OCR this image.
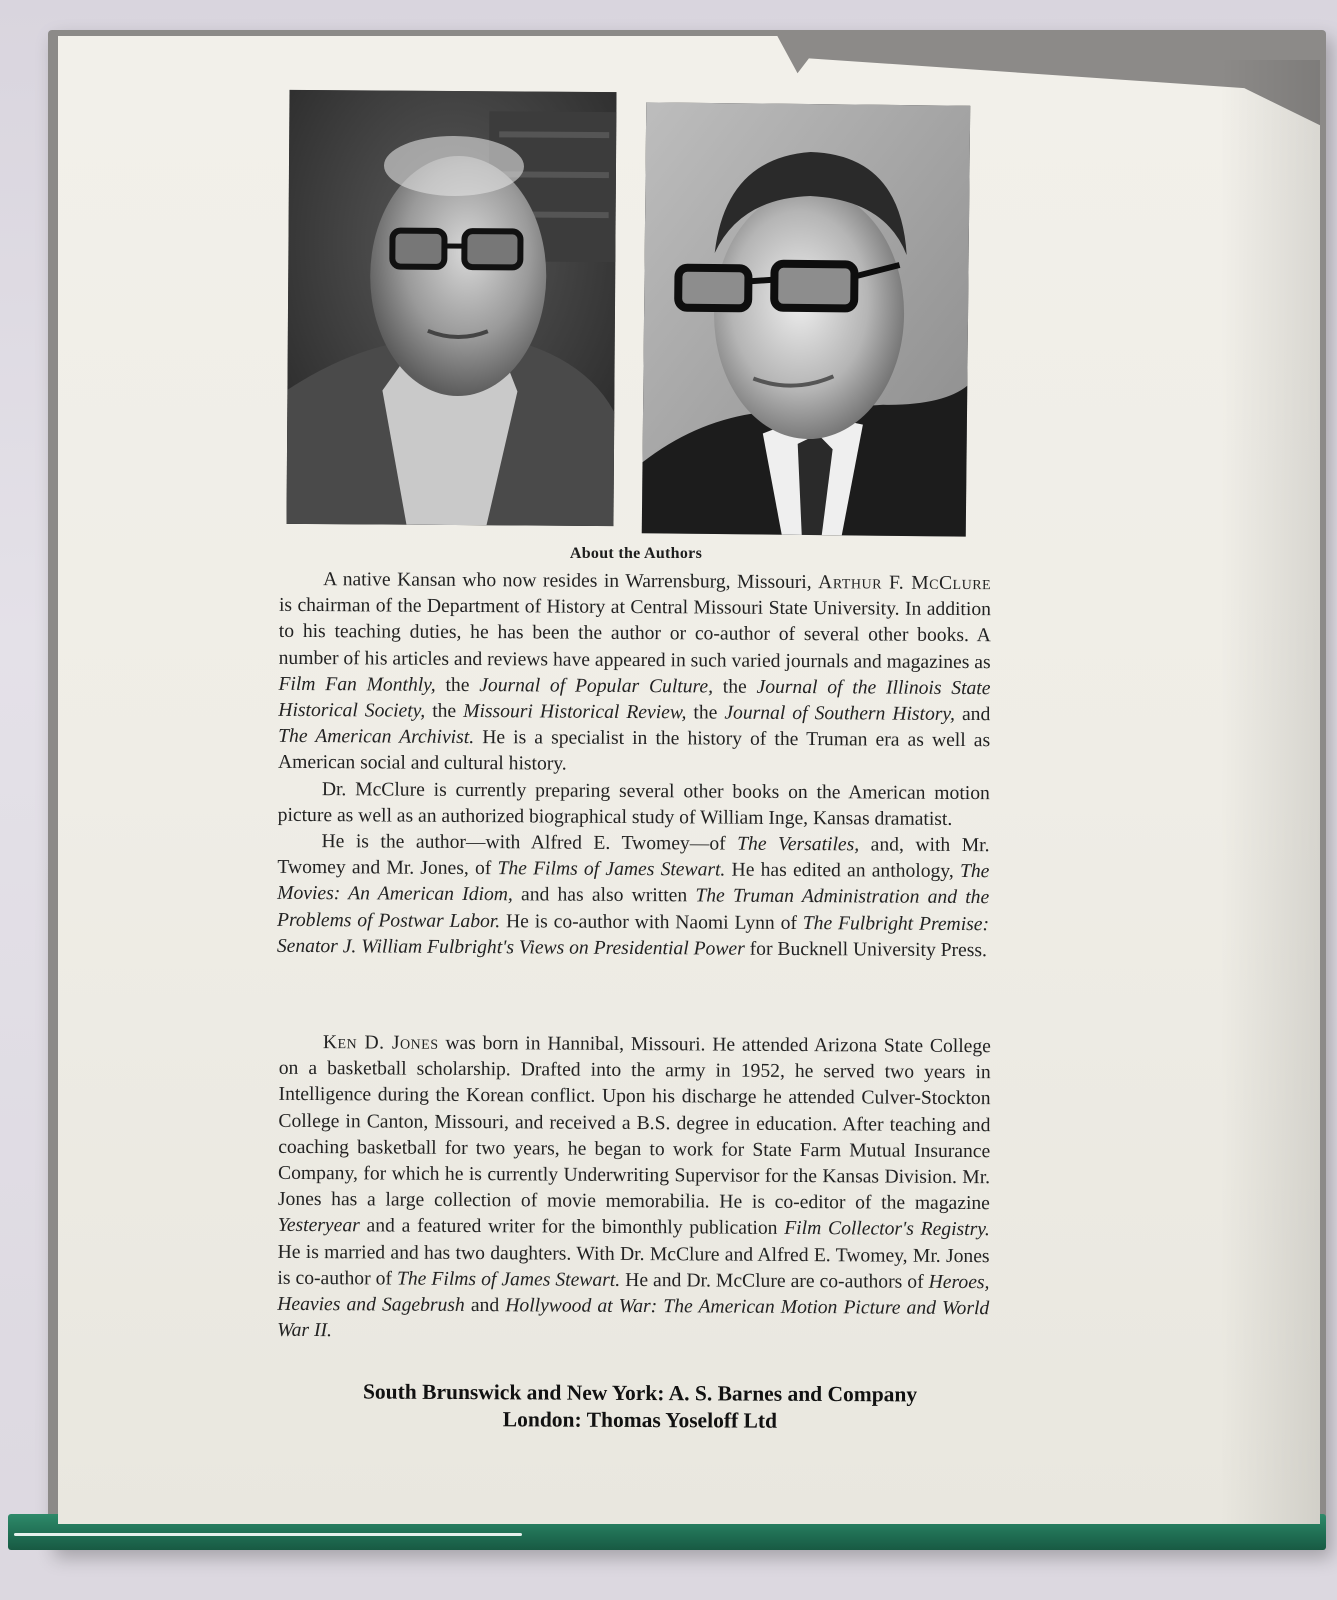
About the Authors

A native Kansan who now resides in Warrensburg, Missouri, Arthur F. McClure is chairman of the Department of History at Central Missouri State University. In addition to his teaching duties, he has been the author or co-author of several other books. A number of his articles and reviews have appeared in such varied journals and magazines as Film Fan Monthly, the Journal of Popular Culture, the Journal of the Illinois State Historical Society, the Missouri Historical Review, the Journal of Southern History, and The American Archivist. He is a specialist in the history of the Truman era as well as American social and cultural history.

Dr. McClure is currently preparing several other books on the American motion picture as well as an authorized biographical study of William Inge, Kansas dramatist.

He is the author—with Alfred E. Twomey—of The Versatiles, and, with Mr. Twomey and Mr. Jones, of The Films of James Stewart. He has edited an anthology, The Movies: An American Idiom, and has also written The Truman Administration and the Problems of Postwar Labor. He is co-author with Naomi Lynn of The Fulbright Premise: Senator J. William Fulbright's Views on Presidential Power for Bucknell University Press.

Ken D. Jones was born in Hannibal, Missouri. He attended Arizona State College on a basketball scholarship. Drafted into the army in 1952, he served two years in Intelligence during the Korean conflict. Upon his discharge he attended Culver-Stockton College in Canton, Missouri, and received a B.S. degree in education. After teaching and coaching basketball for two years, he began to work for State Farm Mutual Insurance Company, for which he is currently Underwriting Supervisor for the Kansas Division. Mr. Jones has a large collection of movie memorabilia. He is co-editor of the magazine Yesteryear and a featured writer for the bimonthly publication Film Collector's Registry. He is married and has two daughters. With Dr. McClure and Alfred E. Twomey, Mr. Jones is co-author of The Films of James Stewart. He and Dr. McClure are co-authors of Heroes, Heavies and Sagebrush and Hollywood at War: The American Motion Picture and World War II.

South Brunswick and New York: A. S. Barnes and Company
London: Thomas Yoseloff Ltd
